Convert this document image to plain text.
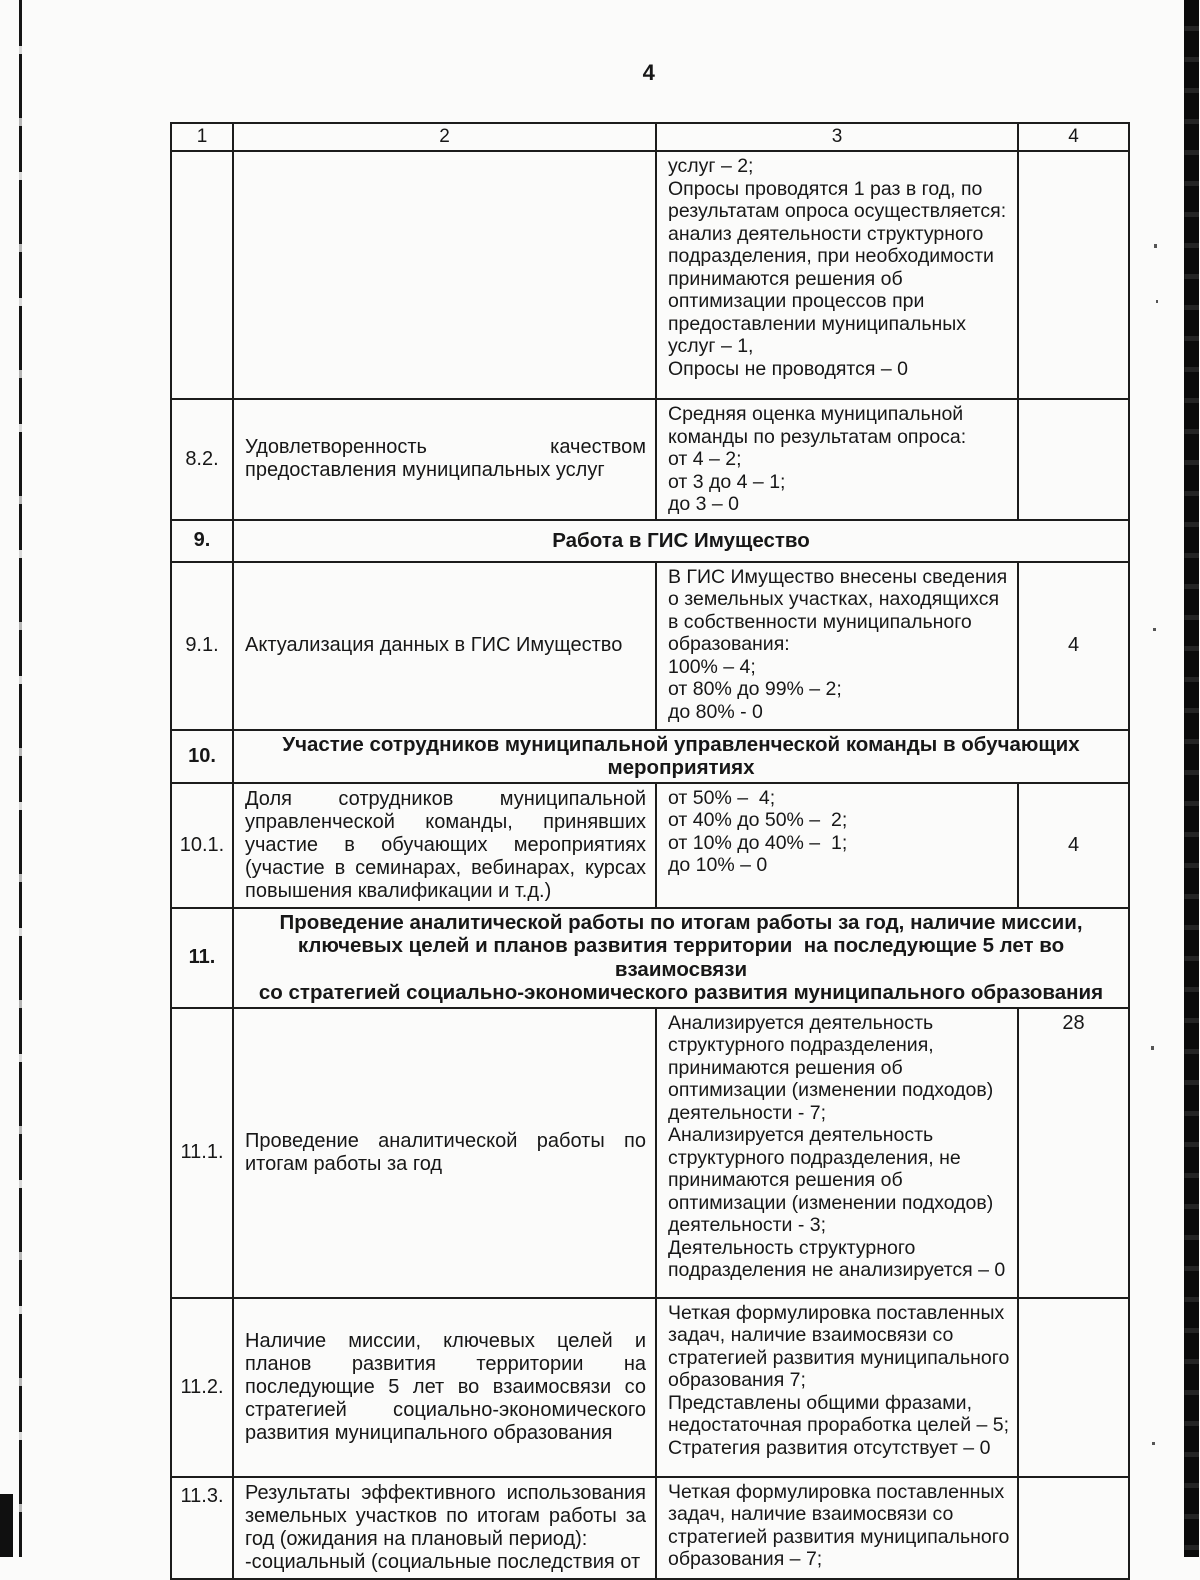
4
1	2	3	4

		услуг – 2;
Опросы проводятся 1 раз в год, по результатам опроса осуществляется: анализ деятельности структурного подразделения, при необходимости принимаются решения об оптимизации процессов при предоставлении муниципальных услуг – 1,
Опросы не проводятся – 0	

8.2.	Удовлетворенность качеством предоставления муниципальных услуг	Средняя оценка муниципальной команды по результатам опроса:
от 4 – 2;
от 3 до 4 – 1;
до 3 – 0	

9.	Работа в ГИС Имущество		

9.1.	Актуализация данных в ГИС Имущество	В ГИС Имущество внесены сведения о земельных участках, находящихся в собственности муниципального образования:
100% – 4;
от 80% до 99% – 2;
до 80% - 0	4
10.	Участие сотрудников муниципальной управленческой команды в обучающих
мероприятиях		

10.1.	Доля сотрудников муниципальной управленческой команды, принявших участие в обучающих мероприятиях (участие в семинарах, вебинарах, курсах повышения квалификации и т.д.)	от 50% –  4;
от 40% до 50% –  2;
от 10% до 40% –  1;
до 10% – 0	4
11.	Проведение аналитической работы по итогам работы за год, наличие миссии,
ключевых целей и планов развития территории  на последующие 5 лет во взаимосвязи
со стратегией социально-экономического развития муниципального образования		

11.1.	Проведение аналитической работы по итогам работы за год	Анализируется деятельность структурного подразделения, принимаются решения об оптимизации (изменении подходов) деятельности - 7;
Анализируется деятельность структурного подразделения, не принимаются решения об оптимизации (изменении подходов) деятельности - 3;
Деятельность структурного подразделения не анализируется – 0	28
11.2.	Наличие миссии, ключевых целей и планов развития территории на последующие 5 лет во взаимосвязи со стратегией социально-экономического развития муниципального образования	Четкая формулировка поставленных задач, наличие взаимосвязи со стратегией развития муниципального образования 7;
Представлены общими фразами, недостаточная проработка целей – 5;
Стратегия развития отсутствует – 0	

11.3.	Результаты эффективного использования земельных участков по итогам работы за год (ожидания на плановый период):
-социальный (социальные последствия от	Четкая формулировка поставленных задач, наличие взаимосвязи со стратегией развития муниципального образования – 7;	
